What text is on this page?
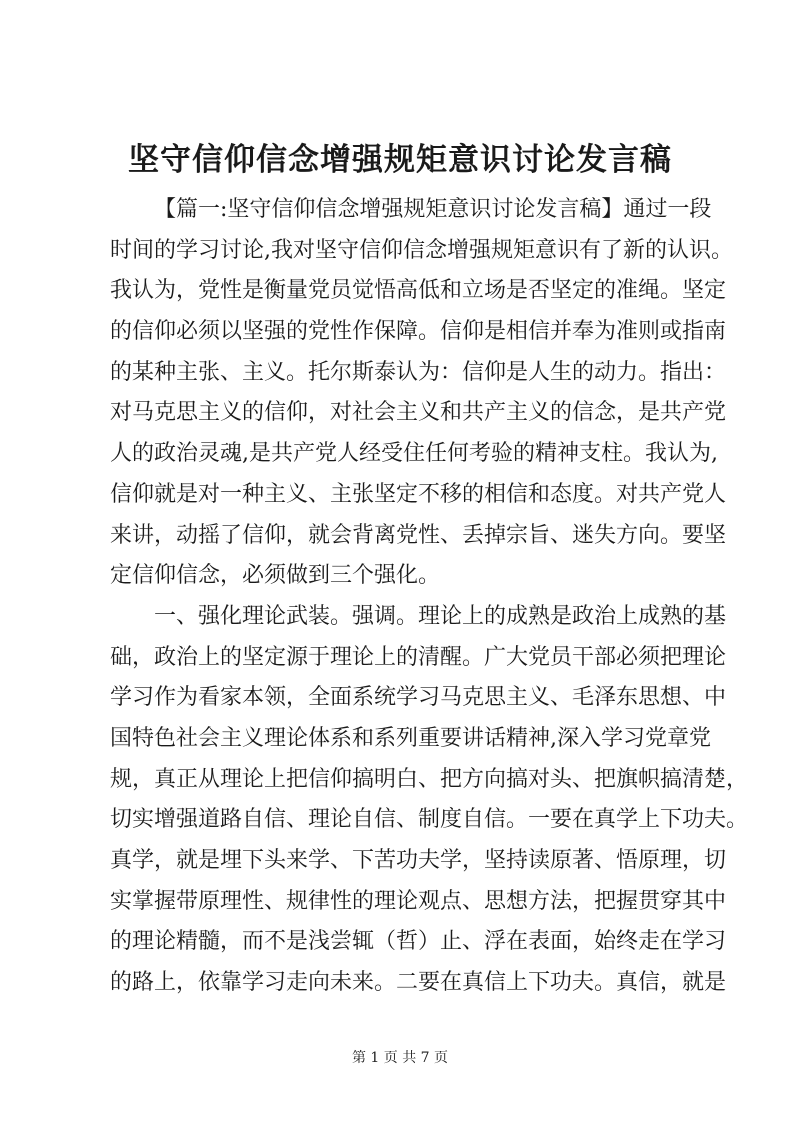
坚守信仰信念增强规矩意识讨论发言稿
【篇一:坚守信仰信念增强规矩意识讨论发言稿】通过一段
时间的学习讨论,我对坚守信仰信念增强规矩意识有了新的认识。
我认为，党性是衡量党员觉悟高低和立场是否坚定的准绳。坚定
的信仰必须以坚强的党性作保障。信仰是相信并奉为准则或指南
的某种主张、主义。托尔斯泰认为：信仰是人生的动力。指出：
对马克思主义的信仰，对社会主义和共产主义的信念，是共产党
人的政治灵魂,是共产党人经受住任何考验的精神支柱。我认为,
信仰就是对一种主义、主张坚定不移的相信和态度。对共产党人
来讲，动摇了信仰，就会背离党性、丢掉宗旨、迷失方向。要坚
定信仰信念，必须做到三个强化。
一、强化理论武装。强调。理论上的成熟是政治上成熟的基
础，政治上的坚定源于理论上的清醒。广大党员干部必须把理论
学习作为看家本领，全面系统学习马克思主义、毛泽东思想、中
国特色社会主义理论体系和系列重要讲话精神,深入学习党章党
规，真正从理论上把信仰搞明白、把方向搞对头、把旗帜搞清楚，
切实增强道路自信、理论自信、制度自信。一要在真学上下功夫。
真学，就是埋下头来学、下苦功夫学，坚持读原著、悟原理，切
实掌握带原理性、规律性的理论观点、思想方法，把握贯穿其中
的理论精髓，而不是浅尝辄（哲）止、浮在表面，始终走在学习
的路上，依靠学习走向未来。二要在真信上下功夫。真信，就是
第 1 页 共 7 页
